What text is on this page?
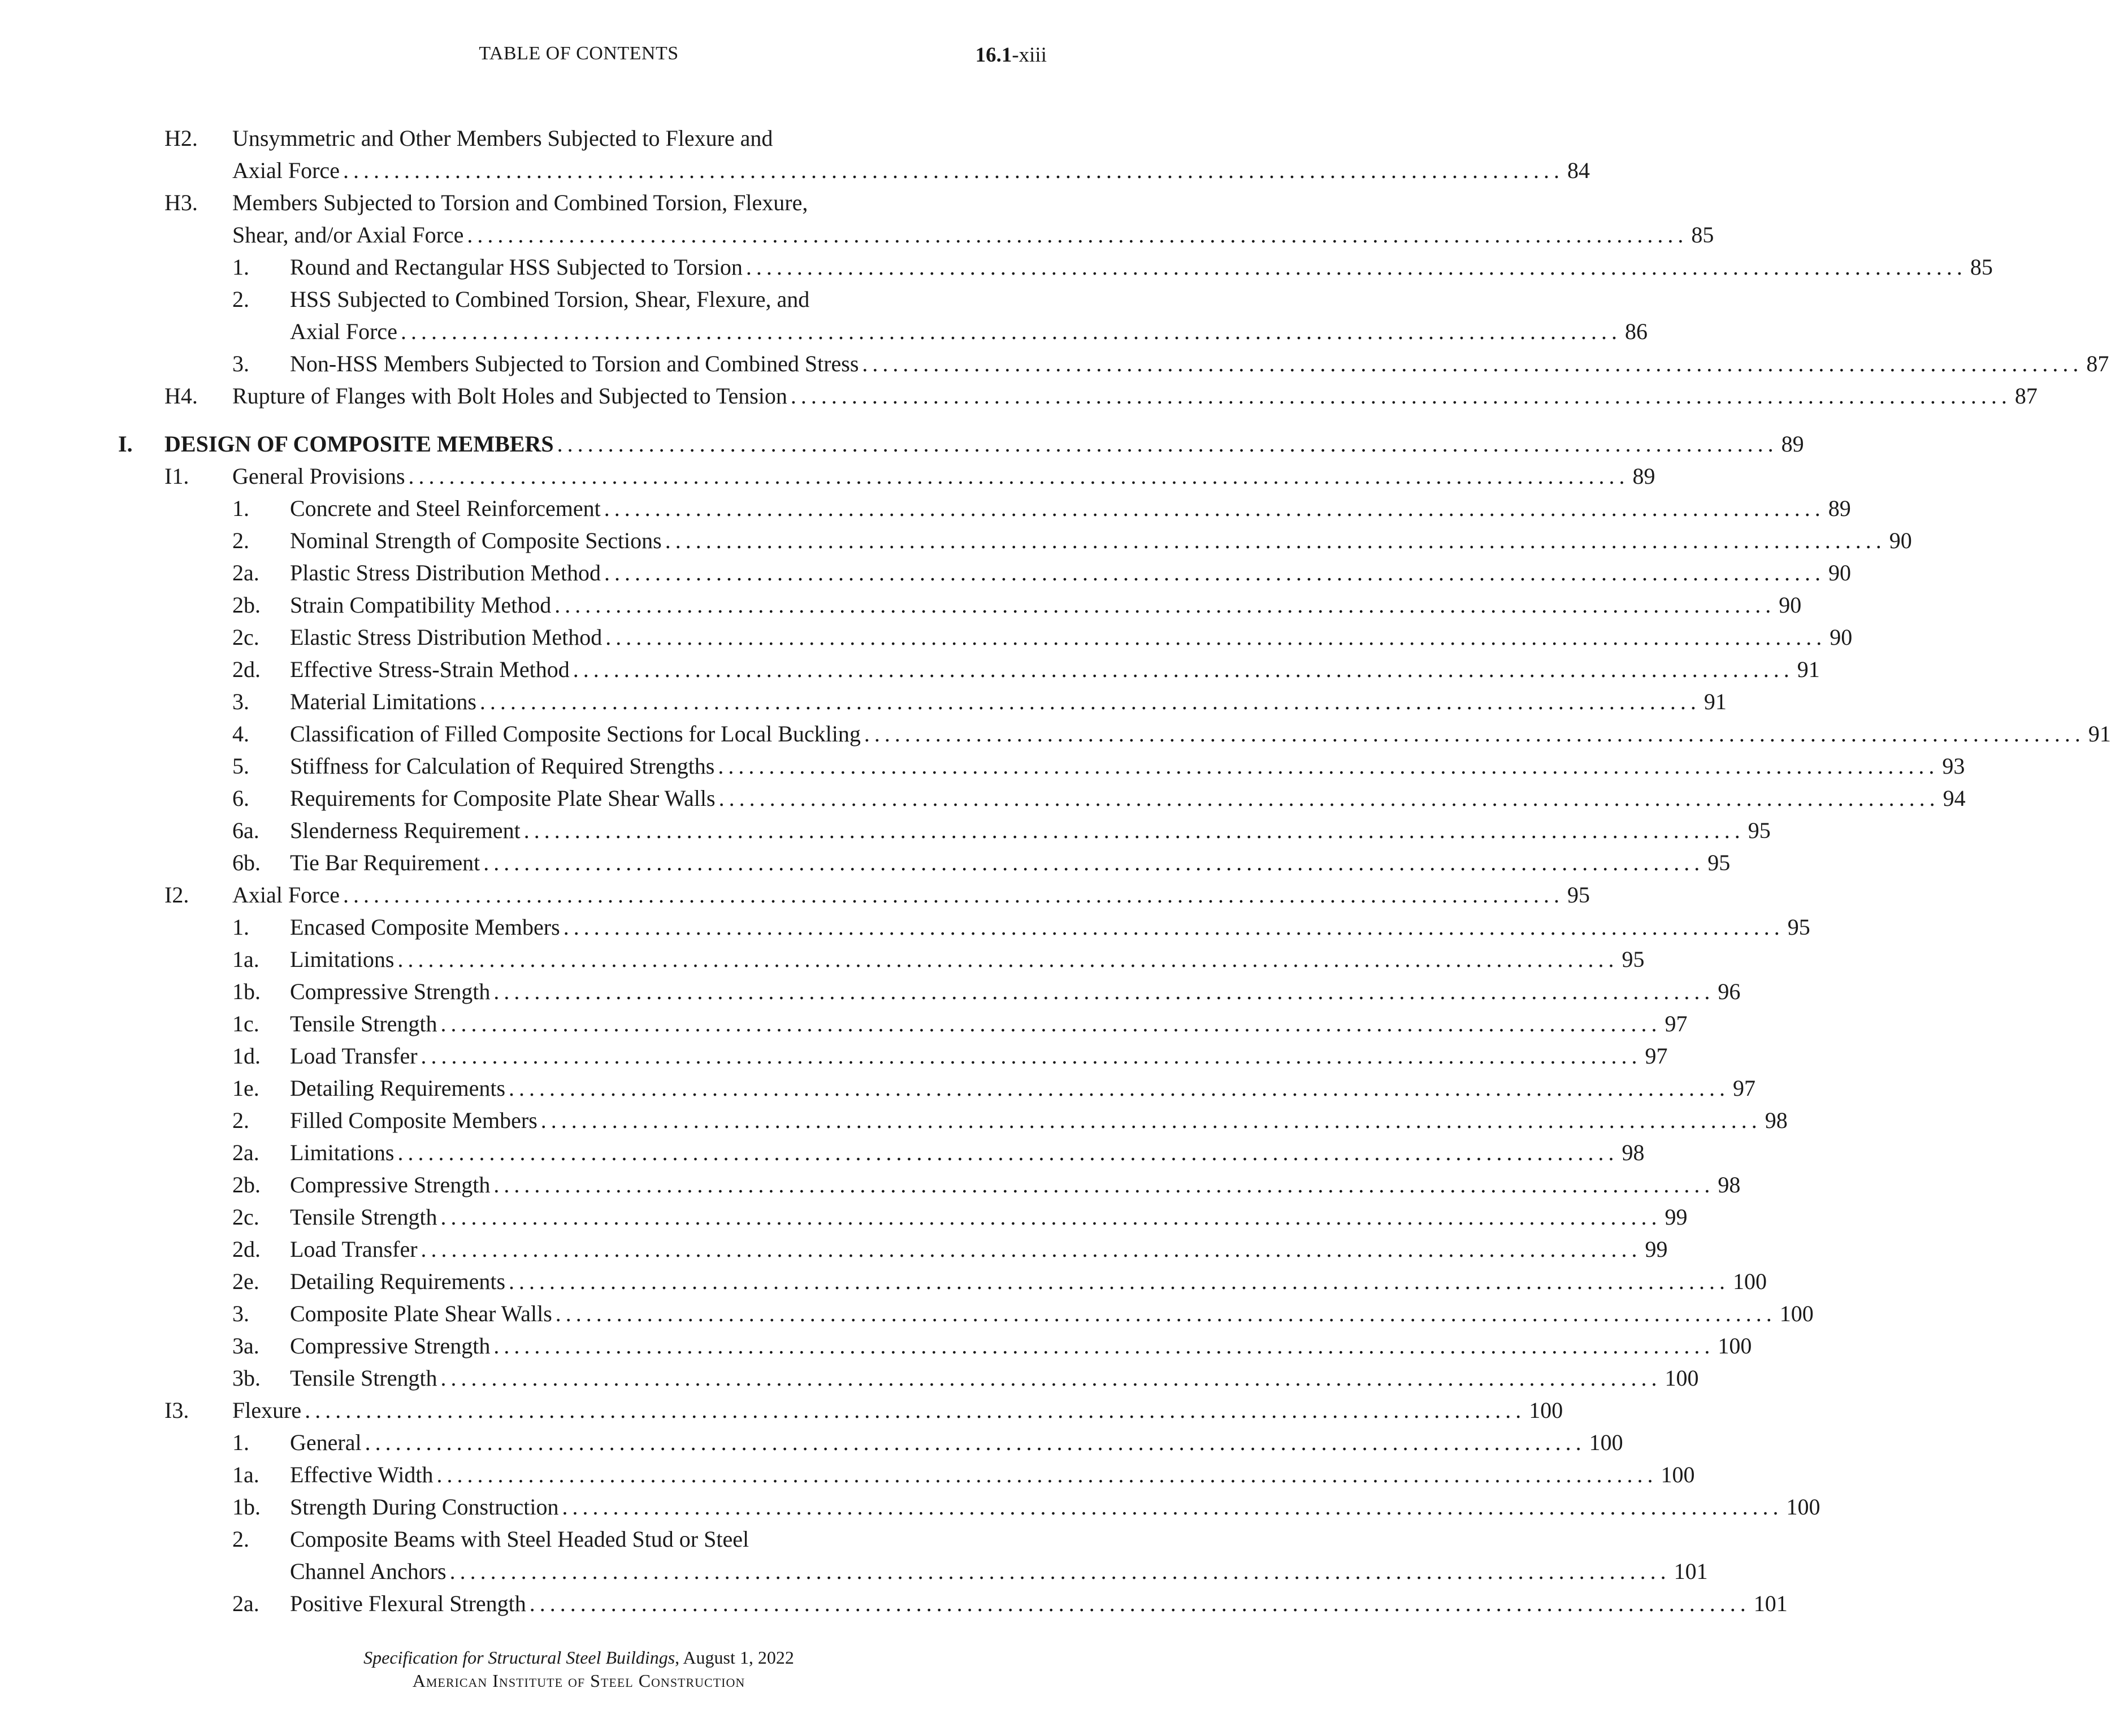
TABLE OF CONTENTS	16.1-xiii
H2. Unsymmetric and Other Members Subjected to Flexure and
Axial Force ........................................................................................................................ 84
H3. Members Subjected to Torsion and Combined Torsion, Flexure,
Shear, and/or Axial Force ........................................................................................................................ 85
1. Round and Rectangular HSS Subjected to Torsion ........................................................................................................................ 85
2. HSS Subjected to Combined Torsion, Shear, Flexure, and
Axial Force ........................................................................................................................ 86
3. Non-HSS Members Subjected to Torsion and Combined Stress ........................................................................................................................ 87
H4. Rupture of Flanges with Bolt Holes and Subjected to Tension ........................................................................................................................ 87
I. DESIGN OF COMPOSITE MEMBERS ........................................................................................................................ 89
I1. General Provisions ........................................................................................................................ 89
1. Concrete and Steel Reinforcement ........................................................................................................................ 89
2. Nominal Strength of Composite Sections ........................................................................................................................ 90
2a. Plastic Stress Distribution Method ........................................................................................................................ 90
2b. Strain Compatibility Method ........................................................................................................................ 90
2c. Elastic Stress Distribution Method ........................................................................................................................ 90
2d. Effective Stress-Strain Method ........................................................................................................................ 91
3. Material Limitations ........................................................................................................................ 91
4. Classification of Filled Composite Sections for Local Buckling ........................................................................................................................ 91
5. Stiffness for Calculation of Required Strengths ........................................................................................................................ 93
6. Requirements for Composite Plate Shear Walls ........................................................................................................................ 94
6a. Slenderness Requirement ........................................................................................................................ 95
6b. Tie Bar Requirement ........................................................................................................................ 95
I2. Axial Force ........................................................................................................................ 95
1. Encased Composite Members ........................................................................................................................ 95
1a. Limitations ........................................................................................................................ 95
1b. Compressive Strength ........................................................................................................................ 96
1c. Tensile Strength ........................................................................................................................ 97
1d. Load Transfer ........................................................................................................................ 97
1e. Detailing Requirements ........................................................................................................................ 97
2. Filled Composite Members ........................................................................................................................ 98
2a. Limitations ........................................................................................................................ 98
2b. Compressive Strength ........................................................................................................................ 98
2c. Tensile Strength ........................................................................................................................ 99
2d. Load Transfer ........................................................................................................................ 99
2e. Detailing Requirements ........................................................................................................................ 100
3. Composite Plate Shear Walls ........................................................................................................................ 100
3a. Compressive Strength ........................................................................................................................ 100
3b. Tensile Strength ........................................................................................................................ 100
I3. Flexure ........................................................................................................................ 100
1. General ........................................................................................................................ 100
1a. Effective Width ........................................................................................................................ 100
1b. Strength During Construction ........................................................................................................................ 100
2. Composite Beams with Steel Headed Stud or Steel
Channel Anchors ........................................................................................................................ 101
2a. Positive Flexural Strength ........................................................................................................................ 101
Specification for Structural Steel Buildings, August 1, 2022
American Institute of Steel Construction
